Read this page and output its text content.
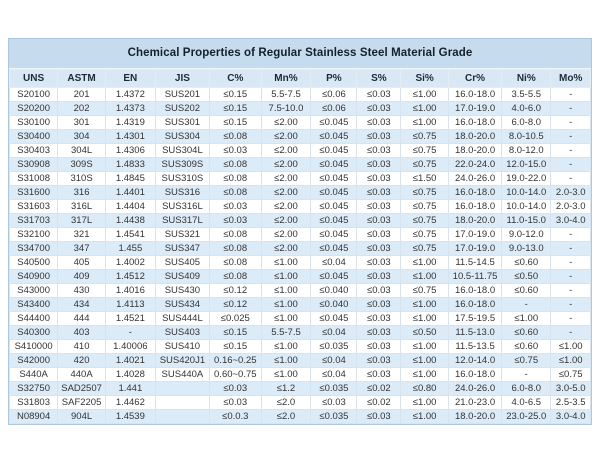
Chemical Properties of Regular Stainless Steel Material Grade
UNS	ASTM	EN	JIS	C%	Mn%	P%	S%	Si%	Cr%	Ni%	Mo%
S20100	201	1.4372	SUS201	≤0.15	5.5-7.5	≤0.06	≤0.03	≤1.00	16.0-18.0	3.5-5.5	-
S20200	202	1.4373	SUS202	≤0.15	7.5-10.0	≤0.06	≤0.03	≤1.00	17.0-19.0	4.0-6.0	-
S30100	301	1.4319	SUS301	≤0.15	≤2.00	≤0.045	≤0.03	≤1.00	16.0-18.0	6.0-8.0	-
S30400	304	1.4301	SUS304	≤0.08	≤2.00	≤0.045	≤0.03	≤0.75	18.0-20.0	8.0-10.5	-
S30403	304L	1.4306	SUS304L	≤0.03	≤2.00	≤0.045	≤0.03	≤0.75	18.0-20.0	8.0-12.0	-
S30908	309S	1.4833	SUS309S	≤0.08	≤2.00	≤0.045	≤0.03	≤0.75	22.0-24.0	12.0-15.0	-
S31008	310S	1.4845	SUS310S	≤0.08	≤2.00	≤0.045	≤0.03	≤1.50	24.0-26.0	19.0-22.0	-
S31600	316	1.4401	SUS316	≤0.08	≤2.00	≤0.045	≤0.03	≤0.75	16.0-18.0	10.0-14.0	2.0-3.0
S31603	316L	1.4404	SUS316L	≤0.03	≤2.00	≤0.045	≤0.03	≤0.75	16.0-18.0	10.0-14.0	2.0-3.0
S31703	317L	1.4438	SUS317L	≤0.03	≤2.00	≤0.045	≤0.03	≤0.75	18.0-20.0	11.0-15.0	3.0-4.0
S32100	321	1.4541	SUS321	≤0.08	≤2.00	≤0.045	≤0.03	≤0.75	17.0-19.0	9.0-12.0	-
S34700	347	1.455	SUS347	≤0.08	≤2.00	≤0.045	≤0.03	≤0.75	17.0-19.0	9.0-13.0	-
S40500	405	1.4002	SUS405	≤0.08	≤1.00	≤0.04	≤0.03	≤1.00	11.5-14.5	≤0.60	-
S40900	409	1.4512	SUS409	≤0.08	≤1.00	≤0.045	≤0.03	≤1.00	10.5-11.75	≤0.50	-
S43000	430	1.4016	SUS430	≤0.12	≤1.00	≤0.040	≤0.03	≤0.75	16.0-18.0	≤0.60	-
S43400	434	1.4113	SUS434	≤0.12	≤1.00	≤0.040	≤0.03	≤1.00	16.0-18.0	-	-
S44400	444	1.4521	SUS444L	≤0.025	≤1.00	≤0.045	≤0.03	≤1.00	17.5-19.5	≤1.00	-
S40300	403	-	SUS403	≤0.15	5.5-7.5	≤0.04	≤0.03	≤0.50	11.5-13.0	≤0.60	-
S410000	410	1.40006	SUS410	≤0.15	≤1.00	≤0.035	≤0.03	≤1.00	11.5-13.5	≤0.60	≤1.00
S42000	420	1.4021	SUS420J1	0.16~0.25	≤1.00	≤0.04	≤0.03	≤1.00	12.0-14.0	≤0.75	≤1.00
S440A	440A	1.4028	SUS440A	0.60~0.75	≤1.00	≤0.04	≤0.03	≤1.00	16.0-18.0	-	≤0.75
S32750	SAD2507	1.441		≤0.03	≤1.2	≤0.035	≤0.02	≤0.80	24.0-26.0	6.0-8.0	3.0-5.0
S31803	SAF2205	1.4462		≤0.03	≤2.0	≤0.03	≤0.02	≤1.00	21.0-23.0	4.0-6.5	2.5-3.5
N08904	904L	1.4539		≤0.0.3	≤2.0	≤0.035	≤0.03	≤1.00	18.0-20.0	23.0-25.0	3.0-4.0
